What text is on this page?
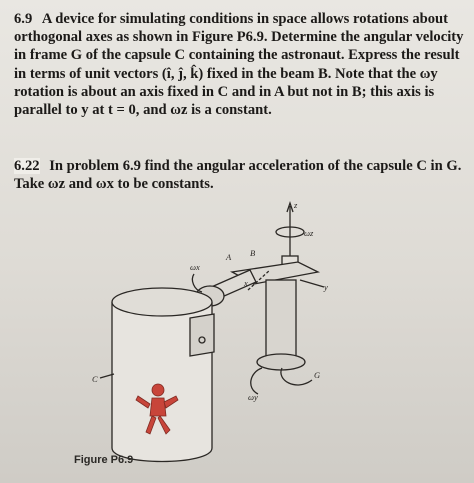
6.9 A device for simulating conditions in space allows rotations about orthogonal axes as shown in Figure P6.9. Determine the angular velocity in frame G of the capsule C containing the astronaut. Express the result in terms of unit vectors (î, ĵ, k̂) fixed in the beam B. Note that the ωy rotation is about an axis fixed in C and in A but not in B; this axis is parallel to y at t = 0, and ωz is a constant.
6.22 In problem 6.9 find the angular acceleration of the capsule C in G. Take ωz and ωx to be constants.
z
ωz
ωx
A B
x	y
G
ωy
C
Figure P6.9
